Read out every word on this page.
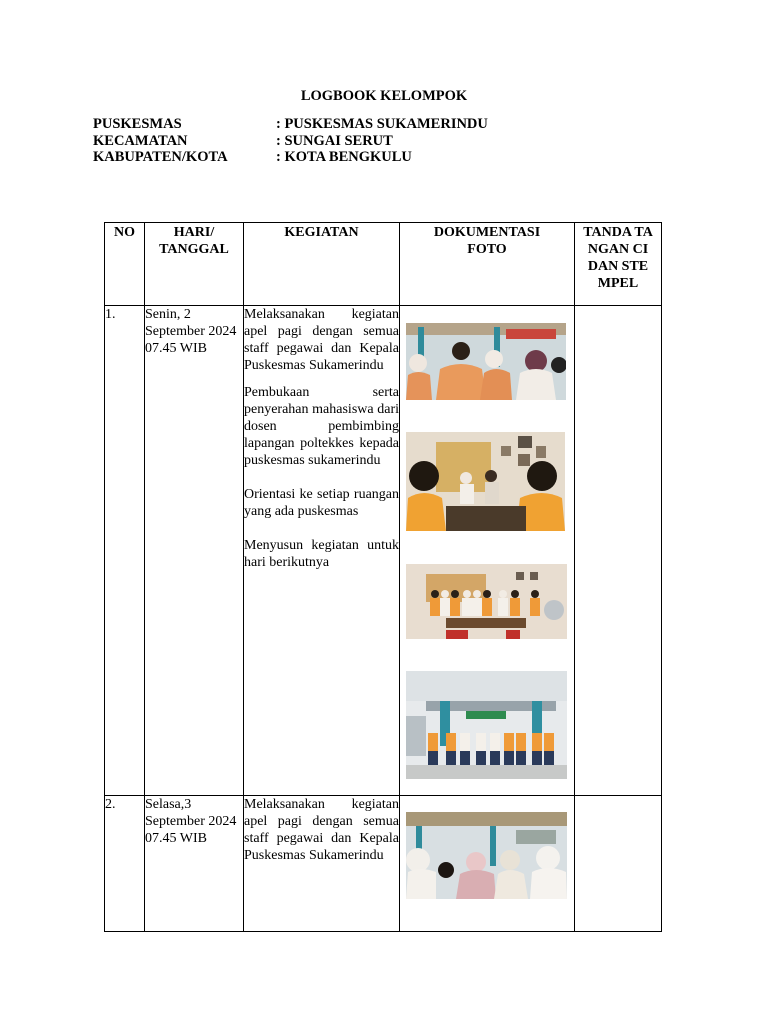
LOGBOOK KELOMPOK
PUSKESMAS	: PUSKESMAS SUKAMERINDU
KECAMATAN	: SUNGAI SERUT
KABUPATEN/KOTA	: KOTA BENGKULU
NO	HARI/ TANGGAL	KEGIATAN	DOKUMENTASI FOTO	TANDA TANGAN CI DAN STEMPEL
1.	Senin, 2 September 2024 07.45 WIB	Melaksanakan kegiatan apel pagi dengan semua staff pegawai dan Kepala Puskesmas Sukamerindu

Pembukaan serta penyerahan mahasiswa dari dosen pembimbing lapangan poltekkes kepada puskesmas sukamerindu

Orientasi ke setiap ruangan yang ada puskesmas

Menyusun kegiatan untuk hari berikutnya		

2.	Selasa,3 September 2024 07.45 WIB	Melaksanakan kegiatan apel pagi dengan semua staff pegawai dan Kepala Puskesmas Sukamerindu		
